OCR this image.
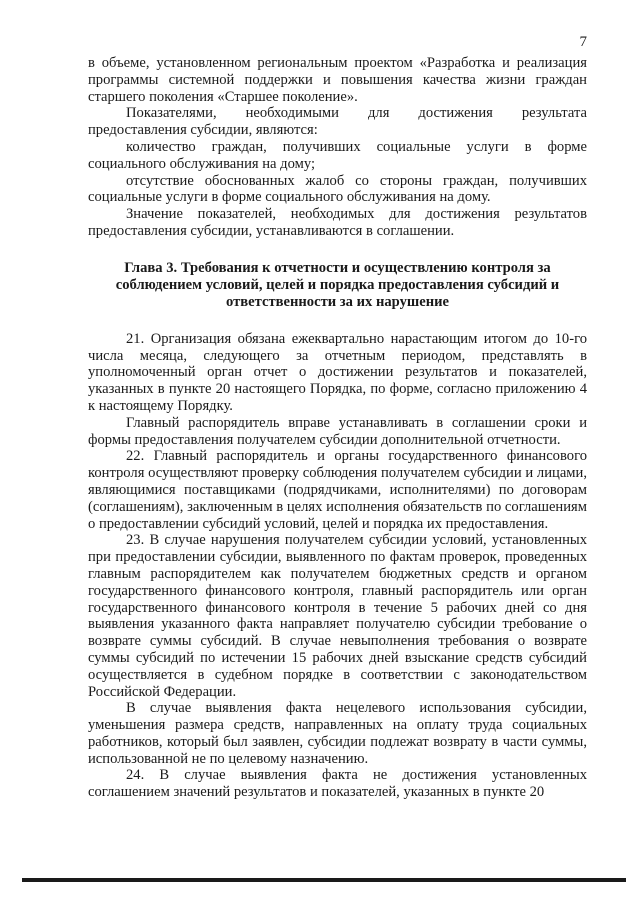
7

в объеме, установленном региональным проектом «Разработка и реализация программы системной поддержки и повышения качества жизни граждан старшего поколения «Старшее поколение».

Показателями, необходимыми для достижения результата предоставления субсидии, являются:

количество граждан, получивших социальные услуги в форме социального обслуживания на дому;

отсутствие обоснованных жалоб со стороны граждан, получивших социальные услуги в форме социального обслуживания на дому.

Значение показателей, необходимых для достижения результатов предоставления субсидии, устанавливаются в соглашении.

Глава 3. Требования к отчетности и осуществлению контроля за соблюдением условий, целей и порядка предоставления субсидий и ответственности за их нарушение

21. Организация обязана ежеквартально нарастающим итогом до 10-го числа месяца, следующего за отчетным периодом, представлять в уполномоченный орган отчет о достижении результатов и показателей, указанных в пункте 20 настоящего Порядка, по форме, согласно приложению 4 к настоящему Порядку.

Главный распорядитель вправе устанавливать в соглашении сроки и формы предоставления получателем субсидии дополнительной отчетности.

22. Главный распорядитель и органы государственного финансового контроля осуществляют проверку соблюдения получателем субсидии и лицами, являющимися поставщиками (подрядчиками, исполнителями) по договорам (соглашениям), заключенным в целях исполнения обязательств по соглашениям о предоставлении субсидий условий, целей и порядка их предоставления.

23. В случае нарушения получателем субсидии условий, установленных при предоставлении субсидии, выявленного по фактам проверок, проведенных главным распорядителем как получателем бюджетных средств и органом государственного финансового контроля, главный распорядитель или орган государственного финансового контроля в течение 5 рабочих дней со дня выявления указанного факта направляет получателю субсидии требование о возврате суммы субсидий. В случае невыполнения требования о возврате суммы субсидий по истечении 15 рабочих дней взыскание средств субсидий осуществляется в судебном порядке в соответствии с законодательством Российской Федерации.

В случае выявления факта нецелевого использования субсидии, уменьшения размера средств, направленных на оплату труда социальных работников, который был заявлен, субсидии подлежат возврату в части суммы, использованной не по целевому назначению.

24. В случае выявления факта не достижения установленных соглашением значений результатов и показателей, указанных в пункте 20
